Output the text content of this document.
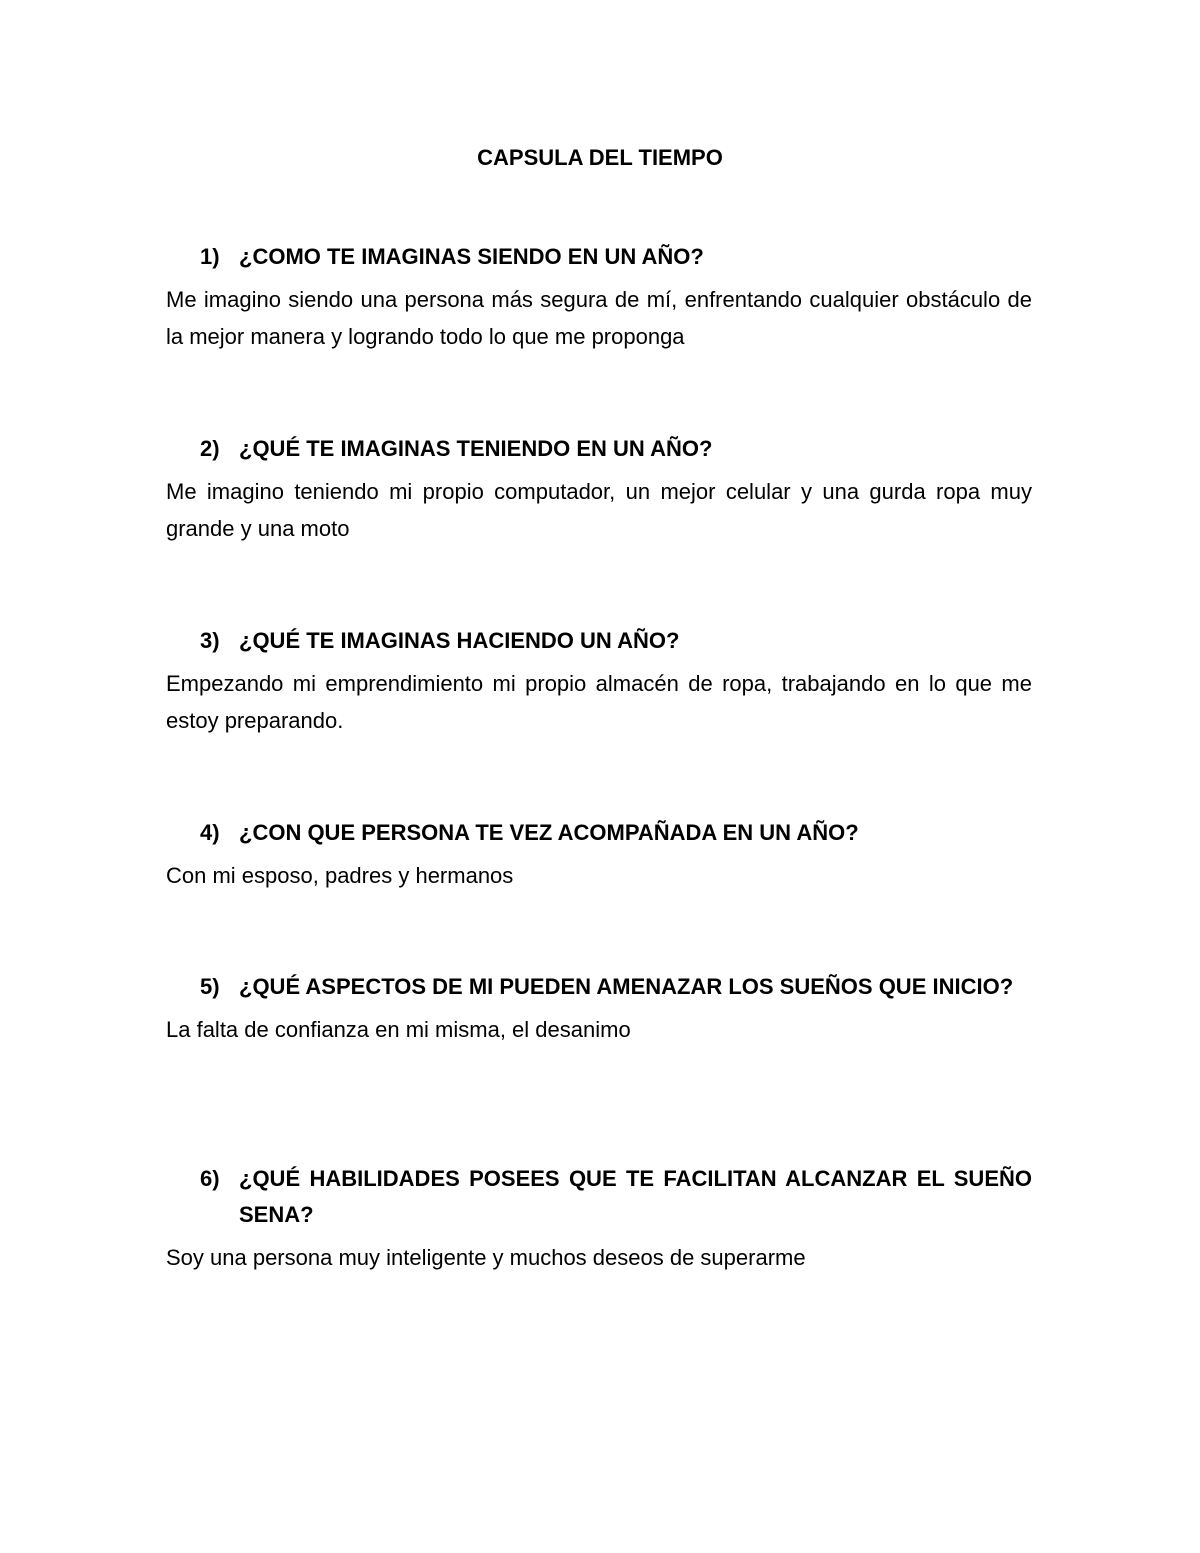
CAPSULA DEL TIEMPO
1) ¿COMO TE IMAGINAS SIENDO EN UN AÑO?
Me imagino siendo una persona más segura de mí, enfrentando cualquier obstáculo de la mejor manera y logrando todo lo que me proponga
2) ¿QUÉ TE IMAGINAS TENIENDO EN UN AÑO?
Me imagino teniendo mi propio computador, un mejor celular y una gurda ropa muy grande y una moto
3) ¿QUÉ TE IMAGINAS HACIENDO UN AÑO?
Empezando mi emprendimiento mi propio almacén de ropa, trabajando en lo que me estoy preparando.
4) ¿CON QUE PERSONA TE VEZ ACOMPAÑADA EN UN AÑO?
Con mi esposo, padres y hermanos
5) ¿QUÉ ASPECTOS DE MI PUEDEN AMENAZAR LOS SUEÑOS QUE INICIO?
La falta de confianza en mi misma, el desanimo
6) ¿QUÉ HABILIDADES POSEES QUE TE FACILITAN ALCANZAR EL SUEÑO SENA?
Soy una persona muy inteligente y muchos deseos de superarme
